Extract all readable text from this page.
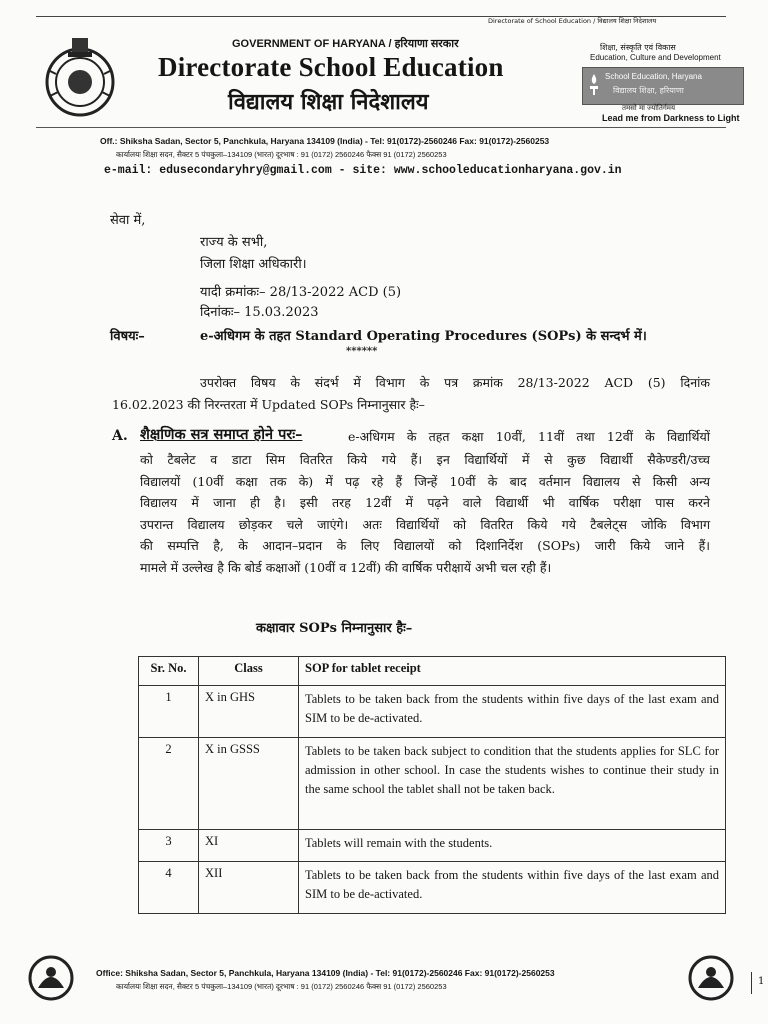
Directorate of School Education / विद्यालय शिक्षा निदेशालय
GOVERNMENT OF HARYANA / हरियाणा सरकार
Directorate School Education
विद्यालय शिक्षा निदेशालय
शिक्षा, संस्कृति एवं विकास
Education, Culture and Development
School Education, Haryana
विद्यालय शिक्षा, हरियाणा
तमसो मा ज्योतिर्गमय
Lead me from Darkness to Light
Off.: Shiksha Sadan, Sector 5, Panchkula, Haryana 134109 (India) - Tel: 91(0172)-2560246 Fax: 91(0172)-2560253
कार्यालयः शिक्षा सदन, सैक्टर 5 पंचकुला–134109 (भारत) दूरभाष : 91 (0172) 2560246 फैक्स 91 (0172) 2560253
e-mail: edusecondaryhry@gmail.com - site: www.schooleducationharyana.gov.in
सेवा में,
राज्य के सभी,
जिला शिक्षा अधिकारी।
यादी क्रमांकः– 28/13-2022 ACD (5)
दिनांकः– 15.03.2023
विषयः–	e-अधिगम के तहत Standard Operating Procedures (SOPs) के सन्दर्भ में।
******
उपरोक्त विषय के संदर्भ में विभाग के पत्र क्रमांक 28/13-2022 ACD (5) दिनांक
16.02.2023 की निरन्तरता में Updated SOPs निम्नानुसार हैः–
A. शैक्षणिक सत्र समाप्त होने परः–	e-अधिगम के तहत कक्षा 10वीं, 11वीं तथा 12वीं के विद्यार्थियों
को टैबलेट व डाटा सिम वितरित किये गये हैं। इन विद्यार्थियों में से कुछ विद्यार्थी सैकेण्डरी/उच्च
विद्यालयों (10वीं कक्षा तक के) में पढ़ रहे हैं जिन्हें 10वीं के बाद वर्तमान विद्यालय से किसी अन्य
विद्यालय में जाना ही है। इसी तरह 12वीं में पढ़ने वाले विद्यार्थी भी वार्षिक परीक्षा पास करने
उपरान्त विद्यालय छोड़कर चले जाएंगे। अतः विद्यार्थियों को वितरित किये गये टैबलेट्स जोकि विभाग
की सम्पत्ति है, के आदान–प्रदान के लिए विद्यालयों को दिशानिर्देश (SOPs) जारी किये जाने हैं।
मामले में उल्लेख है कि बोर्ड कक्षाओं (10वीं व 12वीं) की वार्षिक परीक्षायें अभी चल रही हैं।
कक्षावार SOPs निम्नानुसार हैः–
Sr. No.	Class	SOP for tablet receipt
1	X in GHS	Tablets to be taken back from the students within five days of the last exam and SIM to be de-activated.
2	X in GSSS	Tablets to be taken back subject to condition that the students applies for SLC for admission in other school. In case the students wishes to continue their study in the same school the tablet shall not be taken back.
3	XI	Tablets will remain with the students.
4	XII	Tablets to be taken back from the students within five days of the last exam and SIM to be de-activated.
Office: Shiksha Sadan, Sector 5, Panchkula, Haryana 134109 (India) - Tel: 91(0172)-2560246 Fax: 91(0172)-2560253
कार्यालयः शिक्षा सदन, सैक्टर 5 पंचकुला–134109 (भारत) दूरभाष : 91 (0172) 2560246 फैक्स 91 (0172) 2560253	1
